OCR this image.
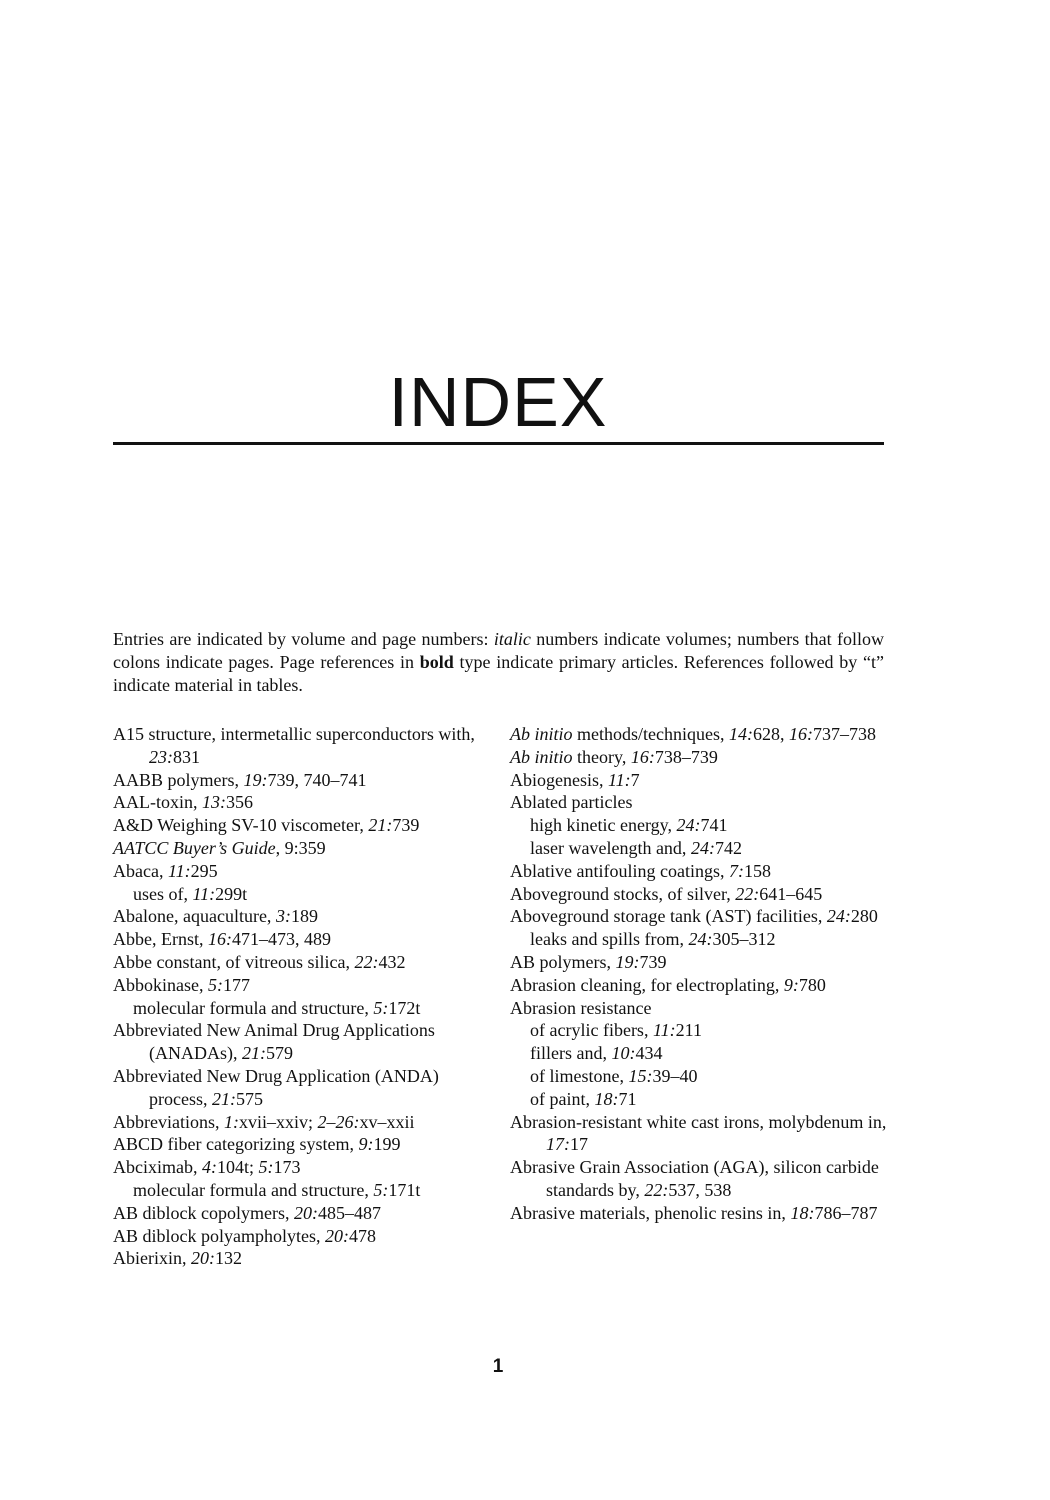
INDEX
Entries are indicated by volume and page numbers: italic numbers indicate volumes; numbers that follow colons indicate pages. Page references in bold type indicate primary articles. References followed by “t” indicate material in tables.
A15 structure, intermetallic superconductors with, 23:831
AABB polymers, 19:739, 740–741
AAL-toxin, 13:356
A&D Weighing SV-10 viscometer, 21:739
AATCC Buyer’s Guide, 9:359
Abaca, 11:295
uses of, 11:299t
Abalone, aquaculture, 3:189
Abbe, Ernst, 16:471–473, 489
Abbe constant, of vitreous silica, 22:432
Abbokinase, 5:177
molecular formula and structure, 5:172t
Abbreviated New Animal Drug Applications (ANADAs), 21:579
Abbreviated New Drug Application (ANDA) process, 21:575
Abbreviations, 1:xvii–xxiv; 2–26:xv–xxii
ABCD fiber categorizing system, 9:199
Abciximab, 4:104t; 5:173
molecular formula and structure, 5:171t
AB diblock copolymers, 20:485–487
AB diblock polyampholytes, 20:478
Abierixin, 20:132
Ab initio methods/techniques, 14:628, 16:737–738
Ab initio theory, 16:738–739
Abiogenesis, 11:7
Ablated particles
high kinetic energy, 24:741
laser wavelength and, 24:742
Ablative antifouling coatings, 7:158
Aboveground stocks, of silver, 22:641–645
Aboveground storage tank (AST) facilities, 24:280
leaks and spills from, 24:305–312
AB polymers, 19:739
Abrasion cleaning, for electroplating, 9:780
Abrasion resistance
of acrylic fibers, 11:211
fillers and, 10:434
of limestone, 15:39–40
of paint, 18:71
Abrasion-resistant white cast irons, molybdenum in, 17:17
Abrasive Grain Association (AGA), silicon carbide standards by, 22:537, 538
Abrasive materials, phenolic resins in, 18:786–787
1
